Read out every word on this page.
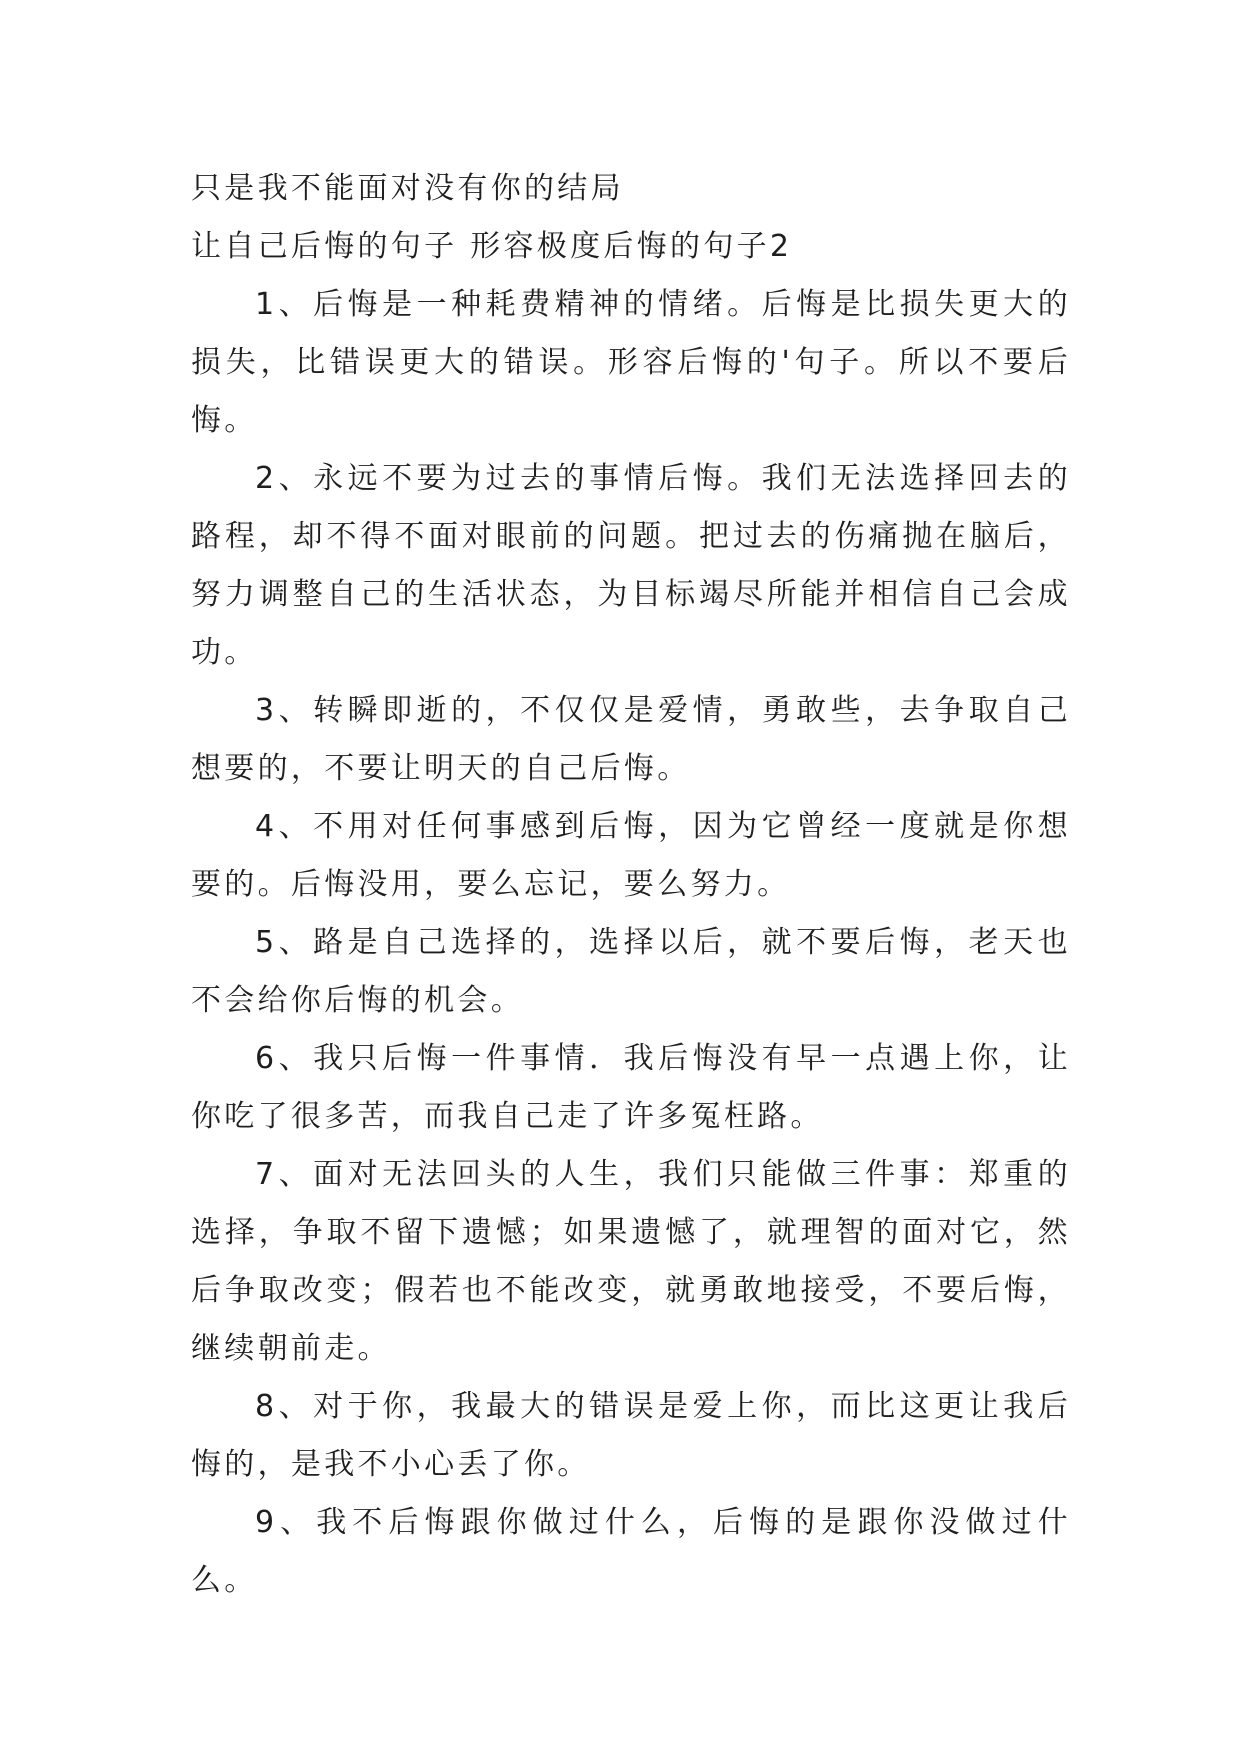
只是我不能面对没有你的结局

让自己后悔的句子 形容极度后悔的句子2

1、后悔是一种耗费精神的情绪。后悔是比损失更大的损失，比错误更大的错误。形容后悔的'句子。所以不要后悔。

2、永远不要为过去的事情后悔。我们无法选择回去的路程，却不得不面对眼前的问题。把过去的伤痛抛在脑后，努力调整自己的生活状态，为目标竭尽所能并相信自己会成功。

3、转瞬即逝的，不仅仅是爱情，勇敢些，去争取自己想要的，不要让明天的自己后悔。

4、不用对任何事感到后悔，因为它曾经一度就是你想要的。后悔没用，要么忘记，要么努力。

5、路是自己选择的，选择以后，就不要后悔，老天也不会给你后悔的机会。

6、我只后悔一件事情．我后悔没有早一点遇上你，让你吃了很多苦，而我自己走了许多冤枉路。

7、面对无法回头的人生，我们只能做三件事：郑重的选择，争取不留下遗憾；如果遗憾了，就理智的面对它，然后争取改变；假若也不能改变，就勇敢地接受，不要后悔，继续朝前走。

8、对于你，我最大的错误是爱上你，而比这更让我后悔的，是我不小心丢了你。

9、我不后悔跟你做过什么，后悔的是跟你没做过什么。
